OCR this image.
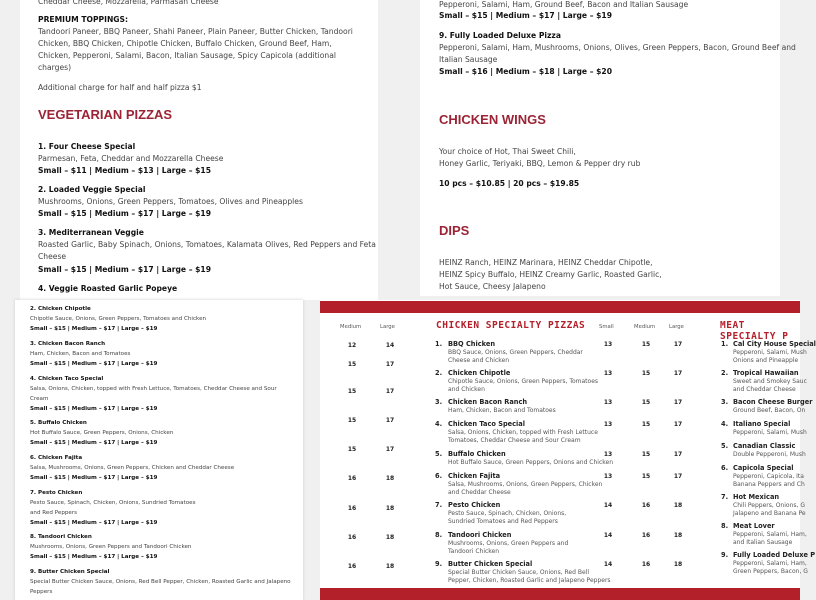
Cheddar Cheese, Mozzarella, Parmasan Cheese
PREMIUM TOPPINGS:
Tandoori Paneer, BBQ Paneer, Shahi Paneer, Plain Paneer, Butter Chicken, Tandoori
Chicken, BBQ Chicken, Chipotle Chicken, Buffalo Chicken, Ground Beef, Ham,
Chicken, Pepperoni, Salami, Bacon, Italian Sausage, Spicy Capicola (additional
charges)
Additional charge for half and half pizza $1
1. Four Cheese Special
Parmesan, Feta, Cheddar and Mozzarella Cheese
Small – $11 | Medium – $13 | Large – $15
2. Loaded Veggie Special
Mushrooms, Onions, Green Peppers, Tomatoes, Olives and Pineapples
Small – $15 | Medium – $17 | Large – $19
3. Mediterranean Veggie
Roasted Garlic, Baby Spinach, Onions, Tomatoes, Kalamata Olives, Red Peppers and Feta
Cheese
Small – $15 | Medium – $17 | Large – $19
4. Veggie Roasted Garlic Popeye
VEGETARIAN PIZZAS
Pepperoni, Salami, Ham, Ground Beef, Bacon and Italian Sausage
Small – $15 | Medium – $17 | Large – $19
9. Fully Loaded Deluxe Pizza
Pepperoni, Salami, Ham, Mushrooms, Onions, Olives, Green Peppers, Bacon, Ground Beef and
Italian Sausage
Small – $16 | Medium – $18 | Large – $20
Your choice of Hot, Thai Sweet Chili,
Honey Garlic, Teriyaki, BBQ, Lemon & Pepper dry rub
10 pcs – $10.85 | 20 pcs – $19.85
HEINZ Ranch, HEINZ Marinara, HEINZ Cheddar Chipotle,
HEINZ Spicy Buffalo, HEINZ Creamy Garlic, Roasted Garlic,
Hot Sauce, Cheesy Jalapeno
CHICKEN WINGS
DIPS
2. Chicken Chipotle
Chipotle Sauce, Onions, Green Peppers, Tomatoes and Chicken
Small – $15 | Medium – $17 | Large – $19
3. Chicken Bacon Ranch
Ham, Chicken, Bacon and Tomatoes
Small – $15 | Medium – $17 | Large – $19
4. Chicken Taco Special
Salsa, Onions, Chicken, topped with Fresh Lettuce, Tomatoes, Cheddar Cheese and Sour
Cream
Small – $15 | Medium – $17 | Large – $19
5. Buffalo Chicken
Hot Buffalo Sauce, Green Peppers, Onions, Chicken
Small – $15 | Medium – $17 | Large – $19
6. Chicken Fajita
Salsa, Mushrooms, Onions, Green Peppers, Chicken and Cheddar Cheese
Small – $15 | Medium – $17 | Large – $19
7. Pesto Chicken
Pesto Sauce, Spinach, Chicken, Onions, Sundried Tomatoes
and Red Peppers
Small – $15 | Medium – $17 | Large – $19
8. Tandoori Chicken
Mushrooms, Onions, Green Peppers and Tandoori Chicken
Small – $15 | Medium – $17 | Large – $19
9. Butter Chicken Special
Special Butter Chicken Sauce, Onions, Red Bell Pepper, Chicken, Roasted Garlic and Jalapeno
Peppers
Medium	Large
12	14
15	17
15	17
15	17
15	17
16	18
16	18
16	18
16	18
Small	Medium	Large
1. BBQ Chicken
BBQ Sauce, Onions, Green Peppers, Cheddar
Cheese and Chicken
13	15	17
2. Chicken Chipotle
Chipotle Sauce, Onions, Green Peppers, Tomatoes
and Chicken
13	15	17
3. Chicken Bacon Ranch
Ham, Chicken, Bacon and Tomatoes
13	15	17
4. Chicken Taco Special
Salsa, Onions, Chicken, topped with Fresh Lettuce
Tomatoes, Cheddar Cheese and Sour Cream
13	15	17
5. Buffalo Chicken
Hot Buffalo Sauce, Green Peppers, Onions and Chicken
13	15	17
6. Chicken Fajita
Salsa, Mushrooms, Onions, Green Peppers, Chicken
and Cheddar Cheese
13	15	17
7. Pesto Chicken
Pesto Sauce, Spinach, Chicken, Onions,
Sundried Tomatoes and Red Peppers
14	16	18
8. Tandoori Chicken
Mushrooms, Onions, Green Peppers and
Tandoori Chicken
14	16	18
9. Butter Chicken Special
Special Butter Chicken Sauce, Onions, Red Bell
Pepper, Chicken, Roasted Garlic and Jalapeno Peppers
14	16	18
1. Cal City House Special
Pepperoni, Salami, Mush
Onions and Pineapple
2. Tropical Hawaiian
Sweet and Smokey Sauc
and Cheddar Cheese
3. Bacon Cheese Burger
Ground Beef, Bacon, On
4. Italiano Special
Pepperoni, Salami, Mush
5. Canadian Classic
Double Pepperoni, Mush
6. Capicola Special
Pepperoni, Capicola, Ita
Banana Peppers and Ch
7. Hot Mexican
Chili Peppers, Onions, G
Jalapeno and Banana Pe
8. Meat Lover
Pepperoni, Salami, Ham,
and Italian Sausage
9. Fully Loaded Deluxe P
Pepperoni, Salami, Ham,
Green Peppers, Bacon, G
CHICKEN SPECIALTY PIZZAS	MEAT SPECIALTY P
